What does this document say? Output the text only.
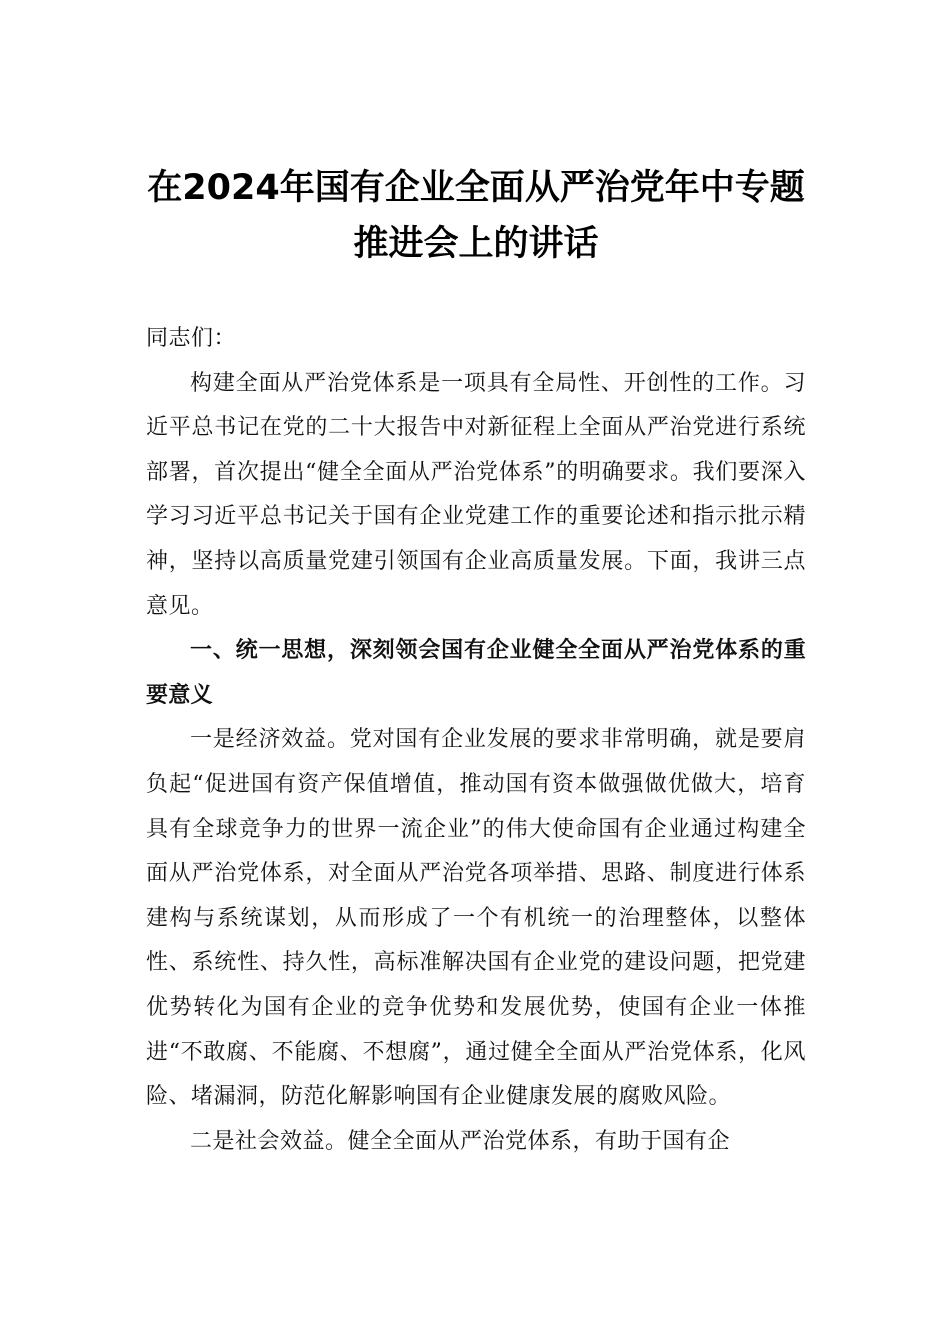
在2024年国有企业全面从严治党年中专题
推进会上的讲话

同志们：

构建全面从严治党体系是一项具有全局性、开创性的工作。习近平总书记在党的二十大报告中对新征程上全面从严治党进行系统部署，首次提出“健全全面从严治党体系”的明确要求。我们要深入学习习近平总书记关于国有企业党建工作的重要论述和指示批示精神，坚持以高质量党建引领国有企业高质量发展。下面，我讲三点意见。

一、统一思想，深刻领会国有企业健全全面从严治党体系的重要意义

一是经济效益。党对国有企业发展的要求非常明确，就是要肩负起“促进国有资产保值增值，推动国有资本做强做优做大，培育具有全球竞争力的世界一流企业”的伟大使命国有企业通过构建全面从严治党体系，对全面从严治党各项举措、思路、制度进行体系建构与系统谋划，从而形成了一个有机统一的治理整体，以整体性、系统性、持久性，高标准解决国有企业党的建设问题，把党建优势转化为国有企业的竞争优势和发展优势，使国有企业一体推进“不敢腐、不能腐、不想腐”，通过健全全面从严治党体系，化风险、堵漏洞，防范化解影响国有企业健康发展的腐败风险。

二是社会效益。健全全面从严治党体系，有助于国有企
